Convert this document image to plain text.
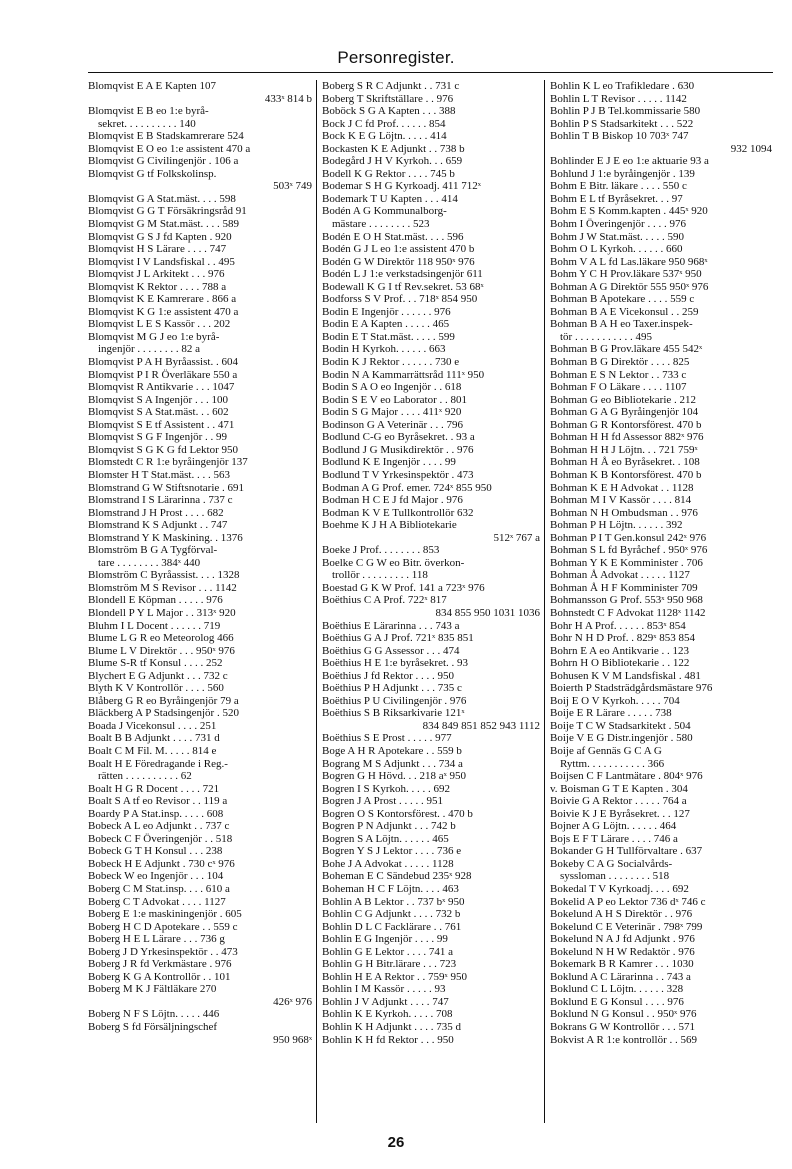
Personregister.
Blomqvist E A E Kapten 107
433ˣ 814 b
Blomqvist E B eo 1:e byrå-
sekret. . . . . . . . . . 140
Blomqvist E B Stadskamrerare 524
Blomqvist E O eo 1:e assistent 470 a
Blomqvist G Civilingenjör . 106 a
Blomqvist G tf Folkskolinsp.
503ˣ 749
Blomqvist G A Stat.mäst. . . . 598
Blomqvist G G T Försäkringsråd 91
Blomqvist G M Stat.mäst. . . . 589
Blomqvist G S J fd Kapten . 920
Blomqvist H S Lärare . . . . 747
Blomqvist I V Landsfiskal . . 495
Blomqvist J L Arkitekt . . . 976
Blomqvist K Rektor . . . . 788 a
Blomqvist K E Kamrerare . 866 a
Blomqvist K G 1:e assistent 470 a
Blomqvist L E S Kassör . . . 202
Blomqvist M G J eo 1:e byrå-
ingenjör . . . . . . . . 82 a
Blomqvist P A H Byråassist. . 604
Blomqvist P I R Överläkare 550 a
Blomqvist R Antikvarie . . . 1047
Blomqvist S A Ingenjör . . . 100
Blomqvist S A Stat.mäst. . . 602
Blomqvist S E tf Assistent . . 471
Blomqvist S G F Ingenjör . . 99
Blomqvist S G K G fd Lektor 950
Blomstedt C R 1:e byråingenjör 137
Blomster H T Stat.mäst. . . . 563
Blomstrand G W Stiftsnotarie . 691
Blomstrand I S Lärarinna . 737 c
Blomstrand J H Prost . . . . 682
Blomstrand K S Adjunkt . . 747
Blomstrand Y K Maskining. . 1376
Blomström B G A Tygförval-
tare . . . . . . . . 384ˣ 440
Blomström C Byråassist. . . . 1328
Blomström M S Revisor . . . 1142
Blondell E Köpman . . . . . 976
Blondell P Y L Major . . 313ˣ 920
Bluhm I L Docent . . . . . . 719
Blume L G R eo Meteorolog 466
Blume L V Direktör . . . 950ˣ 976
Blume S-R tf Konsul . . . . 252
Blychert E G Adjunkt . . . 732 c
Blyth K V Kontrollör . . . . 560
Blåberg G R eo Byråingenjör 79 a
Bläckberg A P Stadsingenjör . 520
Boada J Vicekonsul . . . . 251
Boalt B B Adjunkt . . . . 731 d
Boalt C M Fil. M. . . . . 814 e
Boalt H E Föredragande i Reg.-
rätten . . . . . . . . . . 62
Boalt H G R Docent . . . . 721
Boalt S A tf eo Revisor . . 119 a
Boardy P A Stat.insp. . . . . 608
Bobeck A L eo Adjunkt . . 737 c
Bobeck C F Överingenjör . . 518
Bobeck G T H Konsul . . . 238
Bobeck H E Adjunkt . 730 cˣ 976
Bobeck W eo Ingenjör . . . 104
Boberg C M Stat.insp. . . . 610 a
Boberg C T Advokat . . . . 1127
Boberg E 1:e maskiningenjör . 605
Boberg H C D Apotekare . . 559 c
Boberg H E L Lärare . . . 736 g
Boberg J D Yrkesinspektör . . 473
Boberg J R fd Verkmästare . 976
Boberg K G A Kontrollör . . 101
Boberg M K J Fältläkare 270
426ˣ 976
Boberg N F S Löjtn. . . . . 446
Boberg S fd Försäljningschef
950 968ˣ
Boberg S R C Adjunkt . . 731 c
Boberg T Skriftställare . . 976
Boböck S G A Kapten . . . 388
Bock J C fd Prof. . . . . . 854
Bock K E G Löjtn. . . . . 414
Bockasten K E Adjunkt . . 738 b
Bodegård J H V Kyrkoh. . . 659
Bodell K G Rektor . . . . 745 b
Bodemar S H G Kyrkoadj. 411 712ˣ
Bodemark T U Kapten . . . 414
Bodén A G Kommunalborg-
mästare . . . . . . . . 523
Bodén E O H Stat.mäst. . . . 596
Bodén G J L eo 1:e assistent 470 b
Bodén G W Direktör 118 950ˣ 976
Bodén L J 1:e verkstadsingenjör 611
Bodewall K G I tf Rev.sekret. 53 68ˣ
Bodforss S V Prof. . . 718ˣ 854 950
Bodin E Ingenjör . . . . . . 976
Bodin E A Kapten . . . . . 465
Bodin E T Stat.mäst. . . . . 599
Bodin H Kyrkoh. . . . . . 663
Bodin K J Rektor . . . . . . 730 e
Bodin N A Kammarrättsråd 111ˣ 950
Bodin S A O eo Ingenjör . . 618
Bodin S E V eo Laborator . . 801
Bodin S G Major . . . . 411ˣ 920
Bodinson G A Veterinär . . . 796
Bodlund C-G eo Byråsekret. . 93 a
Bodlund J G Musikdirektör . . 976
Bodlund K E Ingenjör . . . . 99
Bodlund T V Yrkesinspektör . 473
Bodman A G Prof. emer. 724ˣ 855 950
Bodman H C E J fd Major . 976
Bodman K V E Tullkontrollör 632
Boehme K J H A Bibliotekarie
512ˣ 767 a
Boeke J Prof. . . . . . . . 853
Boelke C G W eo Bitr. överkon-
trollör . . . . . . . . . 118
Boestad G K W Prof. 141 a 723ˣ 976
Boëthius C A Prof. 722ˣ 817
834 855 950 1031 1036
Boëthius E Lärarinna . . . 743 a
Boëthius G A J Prof. 721ˣ 835 851
Boëthius G G Assessor . . . 474
Boëthius H E 1:e byråsekret. . 93
Boëthius J fd Rektor . . . . 950
Boëthius P H Adjunkt . . . 735 c
Boëthius P U Civilingenjör . 976
Boëthius S B Riksarkivarie 121ˣ
834 849 851 852 943 1112
Boëthius S E Prost . . . . . 977
Boge A H R Apotekare . . 559 b
Bograng M S Adjunkt . . . 734 a
Bogren G H Hövd. . . 218 aˣ 950
Bogren I S Kyrkoh. . . . . 692
Bogren J A Prost . . . . . 951
Bogren O S Kontorsförest. . 470 b
Bogren P N Adjunkt . . . 742 b
Bogren S A Löjtn. . . . . . 465
Bogren Y S J Lektor . . . . 736 e
Bohe J A Advokat . . . . . 1128
Boheman E C Sändebud 235ˣ 928
Boheman H C F Löjtn. . . . 463
Bohlin A B Lektor . . 737 bˣ 950
Bohlin C G Adjunkt . . . . 732 b
Bohlin D L C Facklärare . . 761
Bohlin E G Ingenjör . . . . 99
Bohlin G E Lektor . . . . 741 a
Bohlin G H Bitr.lärare . . . 723
Bohlin H E A Rektor . . 759ˣ 950
Bohlin I M Kassör . . . . . 93
Bohlin J V Adjunkt . . . . 747
Bohlin K E Kyrkoh. . . . . 708
Bohlin K H Adjunkt . . . . 735 d
Bohlin K H fd Rektor . . . 950
Bohlin K L eo Trafikledare . 630
Bohlin L T Revisor . . . . . 1142
Bohlin P J B Tel.kommissarie 580
Bohlin P S Stadsarkitekt . . . 522
Bohlin T B Biskop 10 703ˣ 747
932 1094
Bohlinder E J E eo 1:e aktuarie 93 a
Bohlund J 1:e byråingenjör . 139
Bohm E Bitr. läkare . . . . 550 c
Bohm E L tf Byråsekret. . . 97
Bohm E S Komm.kapten . 445ˣ 920
Bohm I Överingenjör . . . . 976
Bohm J W Stat.mäst. . . . . 590
Bohm O L Kyrkoh. . . . . . 660
Bohm V A L fd Las.läkare 950 968ˣ
Bohm Y C H Prov.läkare 537ˣ 950
Bohman A G Direktör 555 950ˣ 976
Bohman B Apotekare . . . . 559 c
Bohman B A E Vicekonsul . . 259
Bohman B A H eo Taxer.inspek-
tör . . . . . . . . . . . 495
Bohman B G Prov.läkare 455 542ˣ
Bohman B G Direktör . . . . 825
Bohman E S N Lektor . . 733 c
Bohman F O Läkare . . . . 1107
Bohman G eo Bibliotekarie . 212
Bohman G A G Byråingenjör 104
Bohman G R Kontorsförest. 470 b
Bohman H H fd Assessor 882ˣ 976
Bohman H H J Löjtn. . . 721 759ˣ
Bohman H Å eo Byråsekret. . 108
Bohman K B Kontorsförest. 470 b
Bohman K E H Advokat . . 1128
Bohman M I V Kassör . . . . 814
Bohman N H Ombudsman . . 976
Bohman P H Löjtn. . . . . . 392
Bohman P I T Gen.konsul 242ˣ 976
Bohman S L fd Byråchef . 950ˣ 976
Bohman Y K E Komminister . 706
Bohman Å Advokat . . . . . 1127
Bohman Å H F Komminister 709
Bohmansson G Prof. 553ˣ 950 968
Bohnstedt C F Advokat 1128ˣ 1142
Bohr H A Prof. . . . . . 853ˣ 854
Bohr N H D Prof. . 829ˣ 853 854
Bohrn E A eo Antikvarie . . 123
Bohrn H O Bibliotekarie . . 122
Bohusen K V M Landsfiskal . 481
Boierth P Stadsträdgårdsmästare 976
Boij E O V Kyrkoh. . . . . 704
Boije E R Lärare . . . . . 738
Boije T C W Stadsarkitekt . 504
Boije V E G Distr.ingenjör . 580
Boije af Gennäs G C A G
Ryttm. . . . . . . . . . . 366
Boijsen C F Lantmätare . 804ˣ 976
v. Boisman G T E Kapten . 304
Boivie G A Rektor . . . . . 764 a
Boivie K J E Byråsekret. . . 127
Bojner A G Löjtn. . . . . . 464
Bojs E F T Lärare . . . . 746 a
Bokander G H Tullförvaltare . 637
Bokeby C A G Socialvårds-
syssloman . . . . . . . . 518
Bokedal T V Kyrkoadj. . . . 692
Bokelid A P eo Lektor 736 dˣ 746 c
Bokelund A H S Direktör . . 976
Bokelund C E Veterinär . 798ˣ 799
Bokelund N A J fd Adjunkt . 976
Bokelund N H W Redaktör . 976
Bokemark B R Kamrer . . . 1030
Boklund A C Lärarinna . . 743 a
Boklund C L Löjtn. . . . . . 328
Boklund E G Konsul . . . . 976
Boklund N G Konsul . . 950ˣ 976
Bokrans G W Kontrollör . . . 571
Bokvist A R 1:e kontrollör . . 569
26
